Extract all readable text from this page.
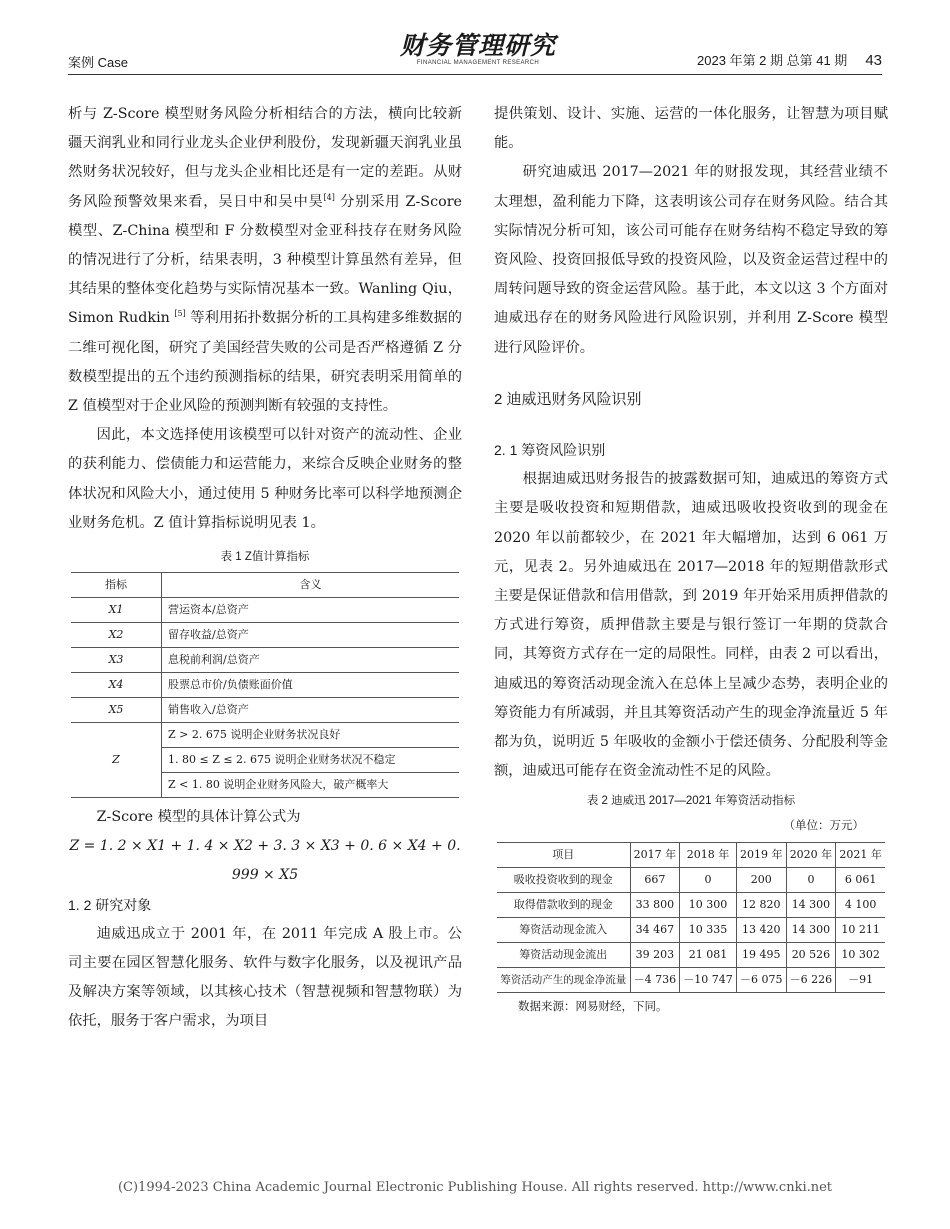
案例 Case
财务管理研究
FINANCIAL MANAGEMENT RESEARCH	2023 年第 2 期 总第 41 期 43

析与 Z-Score 模型财务风险分析相结合的方法，横向比较新疆天润乳业和同行业龙头企业伊利股份，发现新疆天润乳业虽然财务状况较好，但与龙头企业相比还是有一定的差距。从财务风险预警效果来看，吴日中和吴中昊[4] 分别采用 Z-Score 模型、Z-China 模型和 F 分数模型对金亚科技存在财务风险的情况进行了分析，结果表明，3 种模型计算虽然有差异，但其结果的整体变化趋势与实际情况基本一致。Wanling Qiu，Simon Rudkin [5] 等利用拓扑数据分析的工具构建多维数据的二维可视化图，研究了美国经营失败的公司是否严格遵循 Z 分数模型提出的五个违约预测指标的结果，研究表明采用简单的 Z 值模型对于企业风险的预测判断有较强的支持性。

因此，本文选择使用该模型可以针对资产的流动性、企业的获利能力、偿债能力和运营能力，来综合反映企业财务的整体状况和风险大小，通过使用 5 种财务比率可以科学地预测企业财务危机。Z 值计算指标说明见表 1。

表 1 Z值计算指标
指标	含义
X1	营运资本/总资产
X2	留存收益/总资产
X3	息税前利润/总资产
X4	股票总市价/负债账面价值
X5	销售收入/总资产
Z	Z > 2. 675 说明企业财务状况良好
	1. 80 ≤ Z ≤ 2. 675 说明企业财务状况不稳定
	Z < 1. 80 说明企业财务风险大，破产概率大

Z-Score 模型的具体计算公式为

Z = 1. 2 × X1 + 1. 4 × X2 + 3. 3 × X3 + 0. 6 × X4 + 0. 999 × X5

1. 2 研究对象

迪威迅成立于 2001 年，在 2011 年完成 A 股上市。公司主要在园区智慧化服务、软件与数字化服务，以及视讯产品及解决方案等领域，以其核心技术（智慧视频和智慧物联）为依托，服务于客户需求，为项目

提供策划、设计、实施、运营的一体化服务，让智慧为项目赋能。

研究迪威迅 2017—2021 年的财报发现，其经营业绩不太理想，盈利能力下降，这表明该公司存在财务风险。结合其实际情况分析可知，该公司可能存在财务结构不稳定导致的筹资风险、投资回报低导致的投资风险，以及资金运营过程中的周转问题导致的资金运营风险。基于此，本文以这 3 个方面对迪威迅存在的财务风险进行风险识别，并利用 Z-Score 模型进行风险评价。

2 迪威迅财务风险识别

2. 1 筹资风险识别

根据迪威迅财务报告的披露数据可知，迪威迅的筹资方式主要是吸收投资和短期借款，迪威迅吸收投资收到的现金在 2020 年以前都较少，在 2021 年大幅增加，达到 6 061 万元，见表 2。另外迪威迅在 2017—2018 年的短期借款形式主要是保证借款和信用借款，到 2019 年开始采用质押借款的方式进行筹资，质押借款主要是与银行签订一年期的贷款合同，其筹资方式存在一定的局限性。同样，由表 2 可以看出，迪威迅的筹资活动现金流入在总体上呈减少态势，表明企业的筹资能力有所减弱，并且其筹资活动产生的现金净流量近 5 年都为负，说明近 5 年吸收的金额小于偿还债务、分配股利等金额，迪威迅可能存在资金流动性不足的风险。

表 2 迪威迅 2017—2021 年筹资活动指标
（单位：万元）
项目	2017 年	2018 年	2019 年	2020 年	2021 年
吸收投资收到的现金	667	0	200	0	6 061
取得借款收到的现金	33 800	10 300	12 820	14 300	4 100
筹资活动现金流入	34 467	10 335	13 420	14 300	10 211
筹资活动现金流出	39 203	21 081	19 495	20 526	10 302
筹资活动产生的现金净流量	－4 736	－10 747	－6 075	－6 226	－91
数据来源：网易财经，下同。
(C)1994-2023 China Academic Journal Electronic Publishing House. All rights reserved. http://www.cnki.net
